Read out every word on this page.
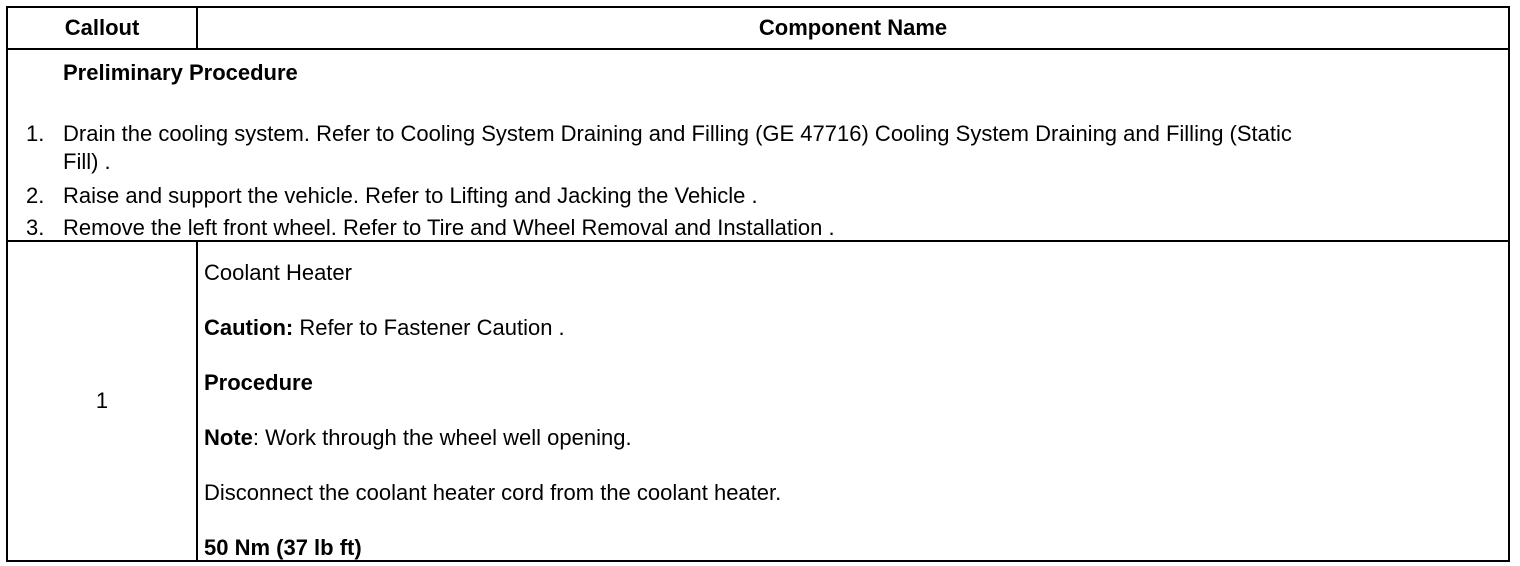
Callout	Component Name
Preliminary Procedure
1. Drain the cooling system. Refer to Cooling System Draining and Filling (GE 47716) Cooling System Draining and Filling (Static
Fill) .
2. Raise and support the vehicle. Refer to Lifting and Jacking the Vehicle .
3. Remove the left front wheel. Refer to Tire and Wheel Removal and Installation .
1
Coolant Heater
Caution: Refer to Fastener Caution .
Procedure
Note: Work through the wheel well opening.
Disconnect the coolant heater cord from the coolant heater.
50 Nm (37 lb ft)
